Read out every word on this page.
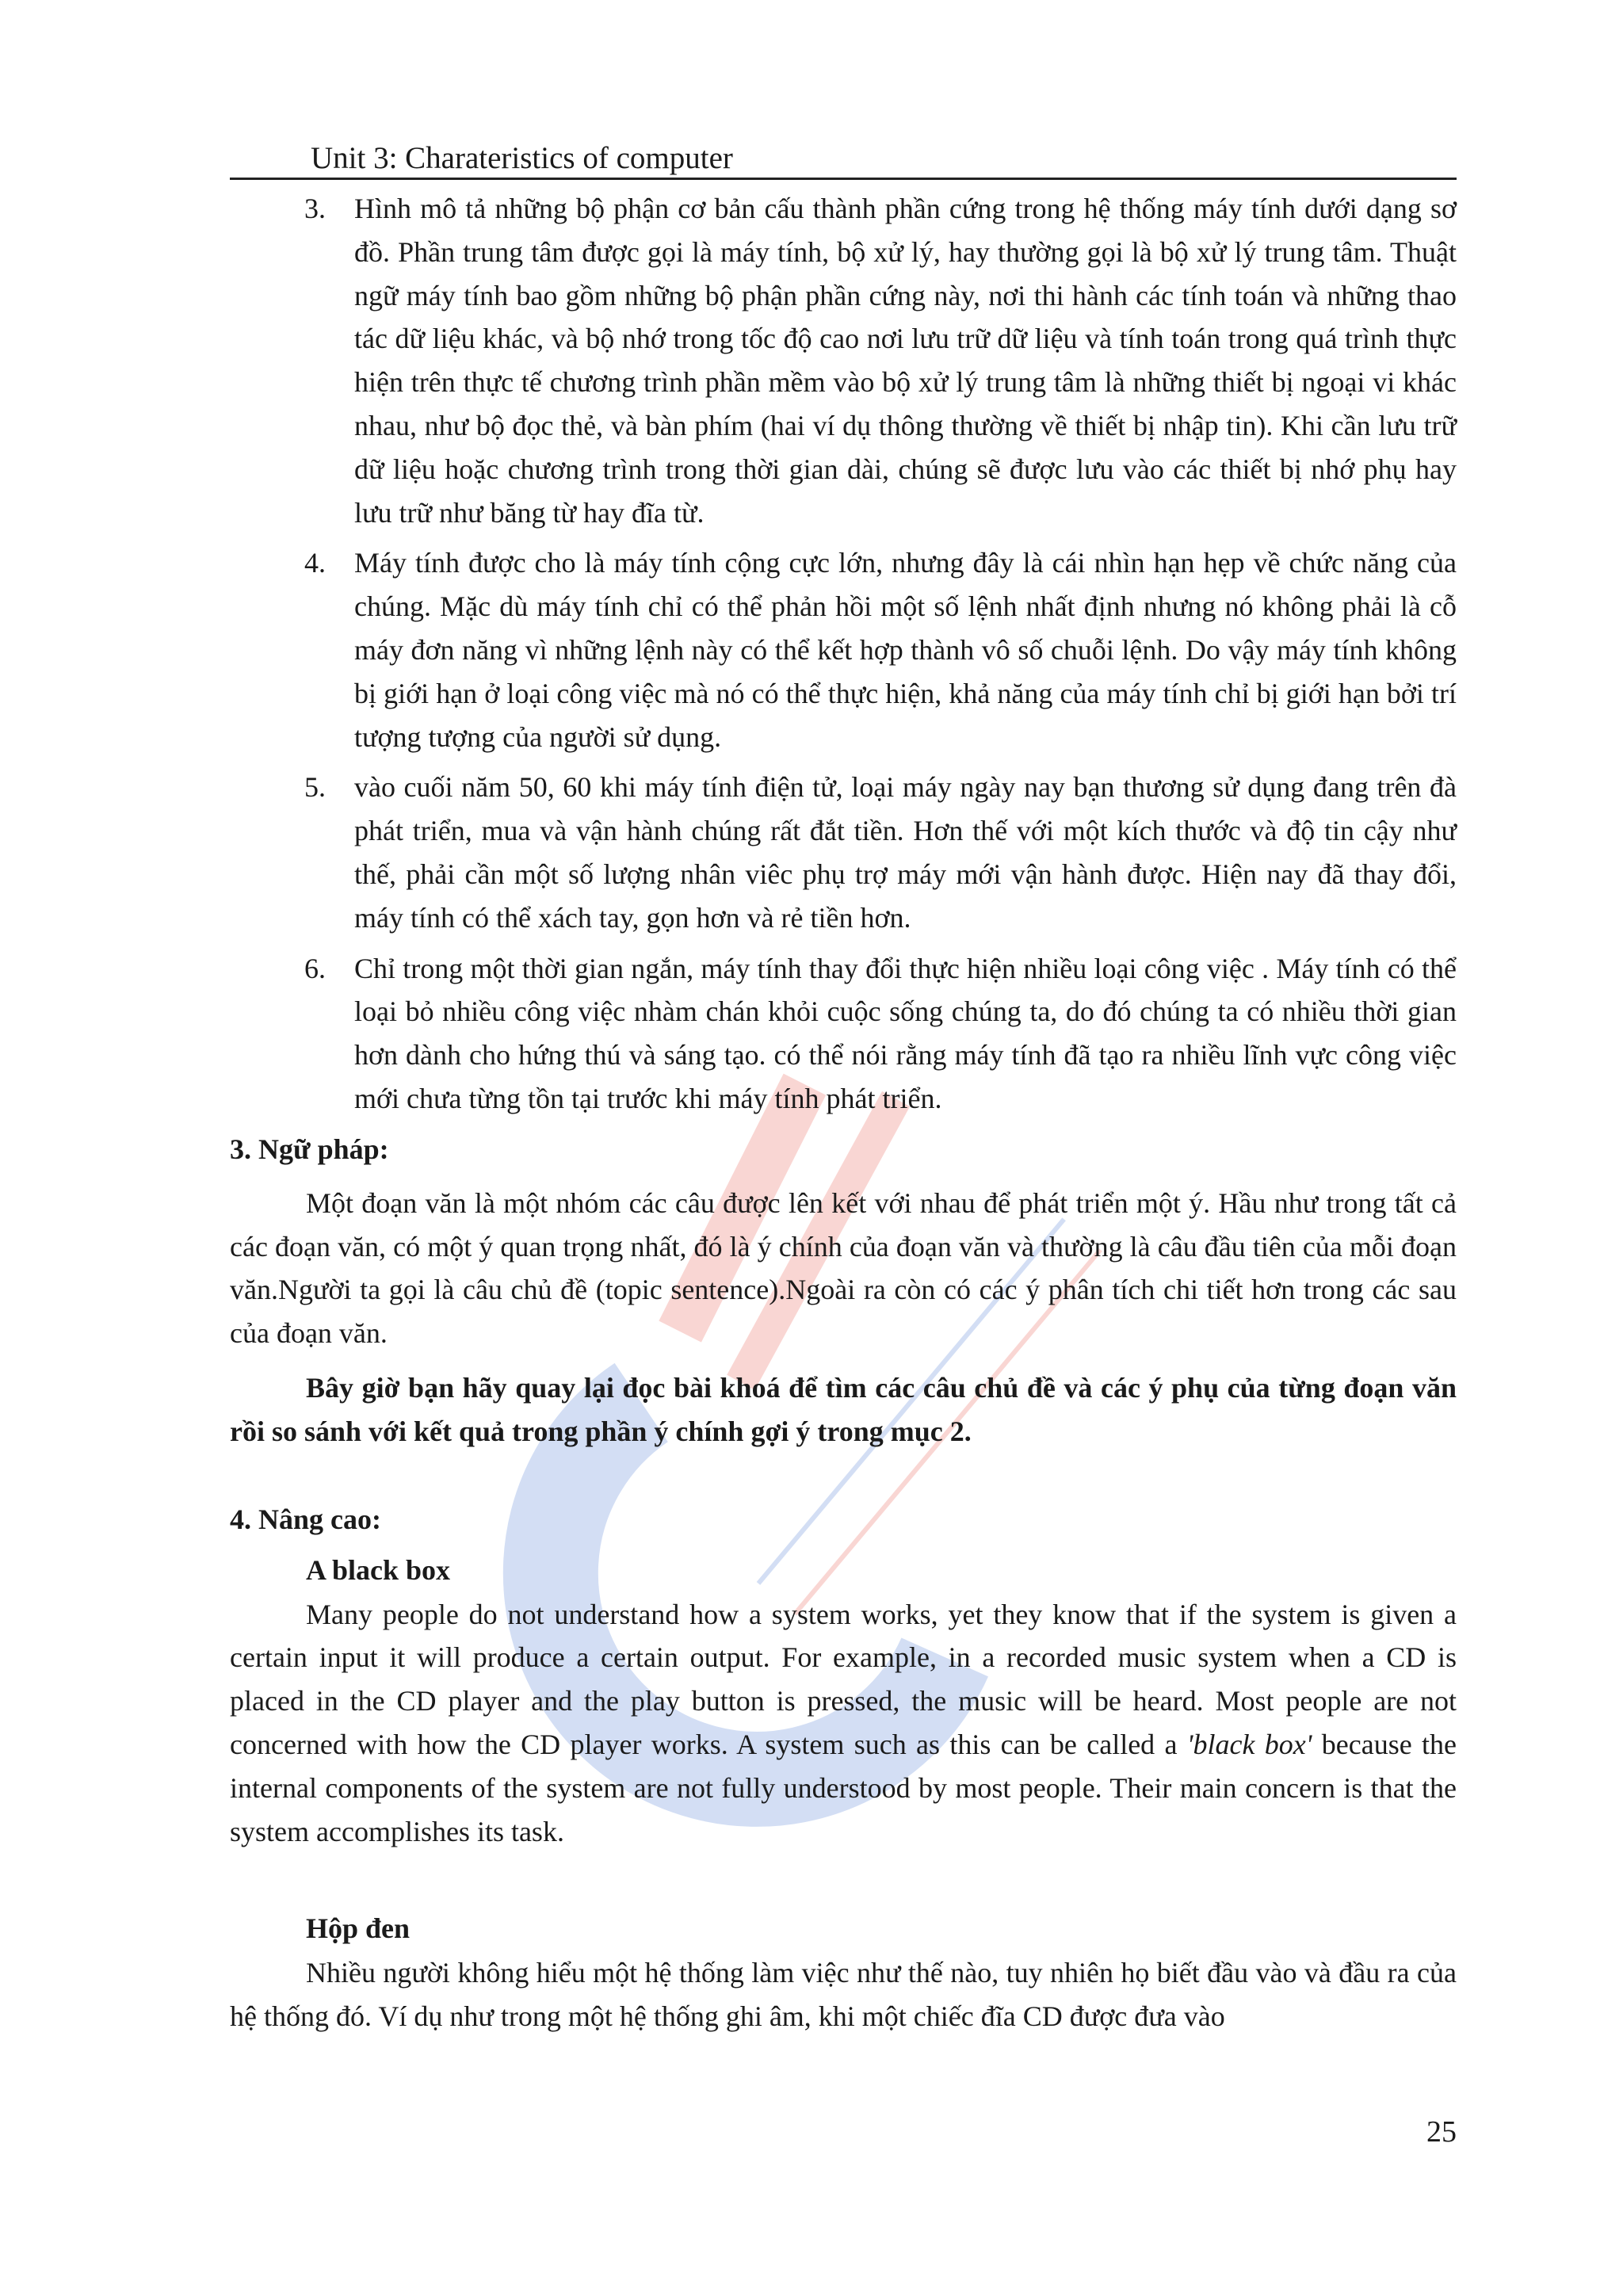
Unit 3: Charateristics of computer
3. Hình mô tả những bộ phận cơ bản cấu thành phần cứng trong hệ thống máy tính dưới dạng sơ đồ. Phần trung tâm được gọi là máy tính, bộ xử lý, hay thường gọi là bộ xử lý trung tâm. Thuật ngữ máy tính bao gồm những bộ phận phần cứng này, nơi thi hành các tính toán và những thao tác dữ liệu khác, và bộ nhớ trong tốc độ cao nơi lưu trữ dữ liệu và tính toán trong quá trình thực hiện trên thực tế chương trình phần mềm vào bộ xử lý trung tâm là những thiết bị ngoại vi khác nhau, như bộ đọc thẻ, và bàn phím (hai ví dụ thông thường về thiết bị nhập tin). Khi cần lưu trữ dữ liệu hoặc chương trình trong thời gian dài, chúng sẽ được lưu vào các thiết bị nhớ phụ hay lưu trữ như băng từ hay đĩa từ.
4. Máy tính được cho là máy tính cộng cực lớn, nhưng đây là cái nhìn hạn hẹp về chức năng của chúng. Mặc dù máy tính chỉ có thể phản hồi một số lệnh nhất định nhưng nó không phải là cỗ máy đơn năng vì những lệnh này có thể kết hợp thành vô số chuỗi lệnh. Do vậy máy tính không bị giới hạn ở loại công việc mà nó có thể thực hiện, khả năng của máy tính chỉ bị giới hạn bởi trí tượng tượng của người sử dụng.
5. vào cuối năm 50, 60 khi máy tính điện tử, loại máy ngày nay bạn thương sử dụng đang trên đà phát triển, mua và vận hành chúng rất đắt tiền. Hơn thế với một kích thước và độ tin cậy như thế, phải cần một số lượng nhân viêc phụ trợ máy mới vận hành được. Hiện nay đã thay đổi, máy tính có thể xách tay, gọn hơn và rẻ tiền hơn.
6. Chỉ trong một thời gian ngắn, máy tính thay đổi thực hiện nhiều loại công việc . Máy tính có thể loại bỏ nhiều công việc nhàm chán khỏi cuộc sống chúng ta, do đó chúng ta có nhiều thời gian hơn dành cho hứng thú và sáng tạo. có thể nói rằng máy tính đã tạo ra nhiều lĩnh vực công việc mới chưa từng tồn tại trước khi máy tính phát triển.
3. Ngữ pháp:

Một đoạn văn là một nhóm các câu được lên kết với nhau để phát triển một ý. Hầu như trong tất cả các đoạn văn, có một ý quan trọng nhất, đó là ý chính của đoạn văn và thường là câu đầu tiên của mỗi đoạn văn.Người ta gọi là câu chủ đề (topic sentence).Ngoài ra còn có các ý phân tích chi tiết hơn trong các sau của đoạn văn.

Bây giờ bạn hãy quay lại đọc bài khoá để tìm các câu chủ đề và các ý phụ của từng đoạn văn rồi so sánh với kết quả trong phần ý chính gợi ý trong mục 2.

4. Nâng cao:
A black box

Many people do not understand how a system works, yet they know that if the system is given a certain input it will produce a certain output. For example, in a recorded music system when a CD is placed in the CD player and the play button is pressed, the music will be heard. Most people are not concerned with how the CD player works. A system such as this can be called a 'black box' because the internal components of the system are not fully understood by most people. Their main concern is that the system accomplishes its task.

Hộp đen

Nhiều người không hiểu một hệ thống làm việc như thế nào, tuy nhiên họ biết đầu vào và đầu ra của hệ thống đó. Ví dụ như trong một hệ thống ghi âm, khi một chiếc đĩa CD được đưa vào

25
